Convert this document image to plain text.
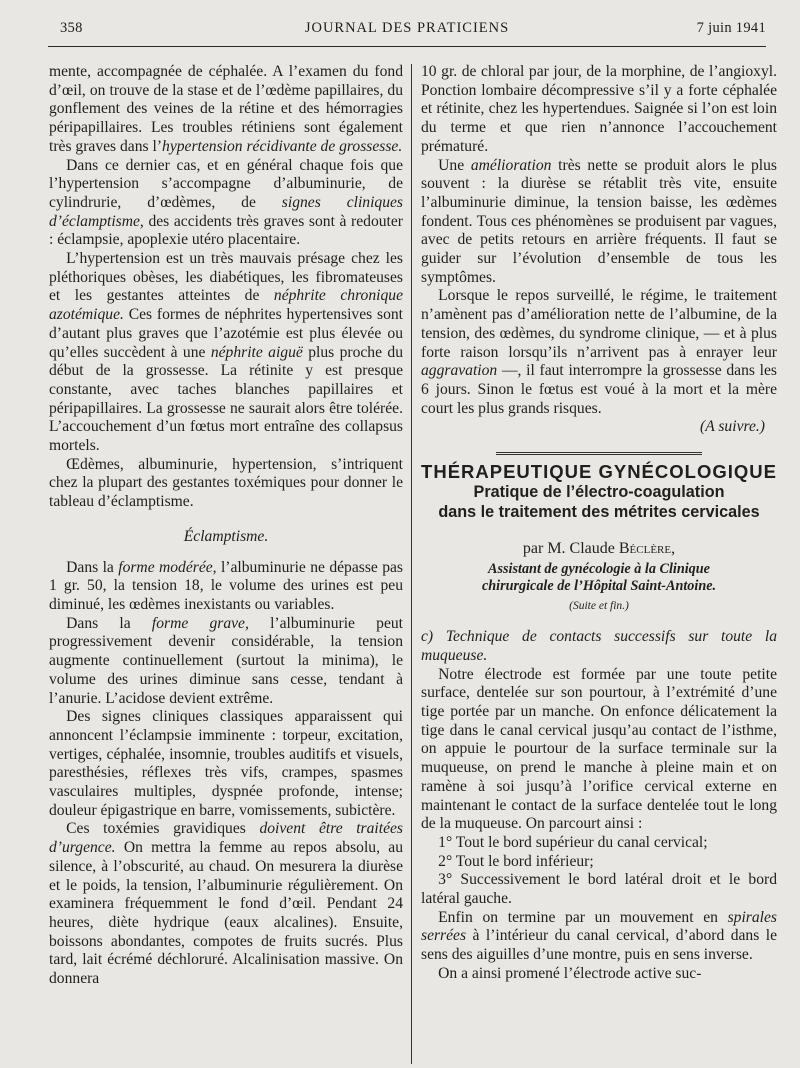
358	JOURNAL DES PRATICIENS	7 juin 1941

mente, accompagnée de céphalée. A l’examen du fond d’œil, on trouve de la stase et de l’œdème papillaires, du gonflement des veines de la rétine et des hémorragies péripapillaires. Les troubles rétiniens sont également très graves dans l’hypertension récidivante de grossesse.

Dans ce dernier cas, et en général chaque fois que l’hypertension s’accompagne d’albuminurie, de cylindrurie, d’œdèmes, de signes cliniques d’éclamptisme, des accidents très graves sont à redouter : éclampsie, apoplexie utéro placentaire.

L’hypertension est un très mauvais présage chez les pléthoriques obèses, les diabétiques, les fibromateuses et les gestantes atteintes de néphrite chronique azotémique. Ces formes de néphrites hypertensives sont d’autant plus graves que l’azotémie est plus élevée ou qu’elles succèdent à une néphrite aiguë plus proche du début de la grossesse. La rétinite y est presque constante, avec taches blanches papillaires et péripapillaires. La grossesse ne saurait alors être tolérée. L’accouchement d’un fœtus mort entraîne des collapsus mortels.

Œdèmes, albuminurie, hypertension, s’intriquent chez la plupart des gestantes toxémiques pour donner le tableau d’éclamptisme.

Éclamptisme.

Dans la forme modérée, l’albuminurie ne dépasse pas 1 gr. 50, la tension 18, le volume des urines est peu diminué, les œdèmes inexistants ou variables.

Dans la forme grave, l’albuminurie peut progressivement devenir considérable, la tension augmente continuellement (surtout la minima), le volume des urines diminue sans cesse, tendant à l’anurie. L’acidose devient extrême.

Des signes cliniques classiques apparaissent qui annoncent l’éclampsie imminente : torpeur, excitation, vertiges, céphalée, insomnie, troubles auditifs et visuels, paresthésies, réflexes très vifs, crampes, spasmes vasculaires multiples, dyspnée profonde, intense; douleur épigastrique en barre, vomissements, subictère.

Ces toxémies gravidiques doivent être traitées d’urgence. On mettra la femme au repos absolu, au silence, à l’obscurité, au chaud. On mesurera la diurèse et le poids, la tension, l’albuminurie régulièrement. On examinera fréquemment le fond d’œil. Pendant 24 heures, diète hydrique (eaux alcalines). Ensuite, boissons abondantes, compotes de fruits sucrés. Plus tard, lait écrémé déchloruré. Alcalinisation massive. On donnera

10 gr. de chloral par jour, de la morphine, de l’angioxyl. Ponction lombaire décompressive s’il y a forte céphalée et rétinite, chez les hypertendues. Saignée si l’on est loin du terme et que rien n’annonce l’accouchement prématuré.

Une amélioration très nette se produit alors le plus souvent : la diurèse se rétablit très vite, ensuite l’albuminurie diminue, la tension baisse, les œdèmes fondent. Tous ces phénomènes se produisent par vagues, avec de petits retours en arrière fréquents. Il faut se guider sur l’évolution d’ensemble de tous les symptômes.

Lorsque le repos surveillé, le régime, le traitement n’amènent pas d’amélioration nette de l’albumine, de la tension, des œdèmes, du syndrome clinique, — et à plus forte raison lorsqu’ils n’arrivent pas à enrayer leur aggravation —, il faut interrompre la grossesse dans les 6 jours. Sinon le fœtus est voué à la mort et la mère court les plus grands risques.

(A suivre.)

THÉRAPEUTIQUE GYNÉCOLOGIQUE

Pratique de l’électro-coagulation
dans le traitement des métrites cervicales

par M. Claude Béclère,

Assistant de gynécologie à la Clinique
chirurgicale de l’Hôpital Saint-Antoine.

(Suite et fin.)

c) Technique de contacts successifs sur toute la muqueuse.

Notre électrode est formée par une toute petite surface, dentelée sur son pourtour, à l’extrémité d’une tige portée par un manche. On enfonce délicatement la tige dans le canal cervical jusqu’au contact de l’isthme, on appuie le pourtour de la surface terminale sur la muqueuse, on prend le manche à pleine main et on ramène à soi jusqu’à l’orifice cervical externe en maintenant le contact de la surface dentelée tout le long de la muqueuse. On parcourt ainsi :

1° Tout le bord supérieur du canal cervical;

2° Tout le bord inférieur;

3° Successivement le bord latéral droit et le bord latéral gauche.

Enfin on termine par un mouvement en spirales serrées à l’intérieur du canal cervical, d’abord dans le sens des aiguilles d’une montre, puis en sens inverse.

On a ainsi promené l’électrode active suc-
